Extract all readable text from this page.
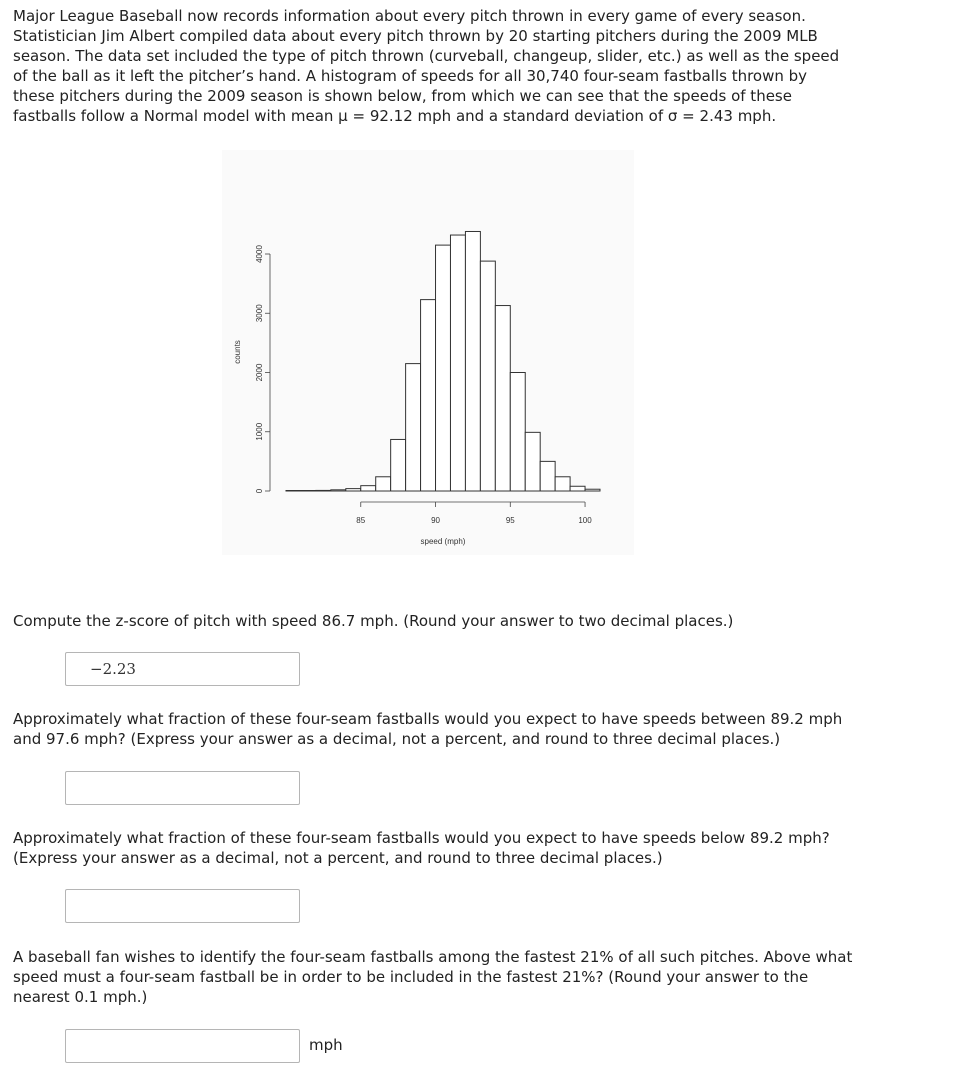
Major League Baseball now records information about every pitch thrown in every game of every season. Statistician Jim Albert compiled data about every pitch thrown by 20 starting pitchers during the 2009 MLB season. The data set included the type of pitch thrown (curveball, changeup, slider, etc.) as well as the speed of the ball as it left the pitcher’s hand. A histogram of speeds for all 30,740 four-seam fastballs thrown by these pitchers during the 2009 season is shown below, from which we can see that the speeds of these fastballs follow a Normal model with mean μ = 92.12 mph and a standard deviation of σ = 2.43 mph.

85	90	95	100
0
1000
2000
3000
4000
speed (mph)
counts

Compute the z-score of pitch with speed 86.7 mph. (Round your answer to two decimal places.)

−2.23

Approximately what fraction of these four-seam fastballs would you expect to have speeds between 89.2 mph and 97.6 mph? (Express your answer as a decimal, not a percent, and round to three decimal places.)

Approximately what fraction of these four-seam fastballs would you expect to have speeds below 89.2 mph? (Express your answer as a decimal, not a percent, and round to three decimal places.)

A baseball fan wishes to identify the four-seam fastballs among the fastest 21% of all such pitches. Above what speed must a four-seam fastball be in order to be included in the fastest 21%? (Round your answer to the nearest 0.1 mph.)

mph
